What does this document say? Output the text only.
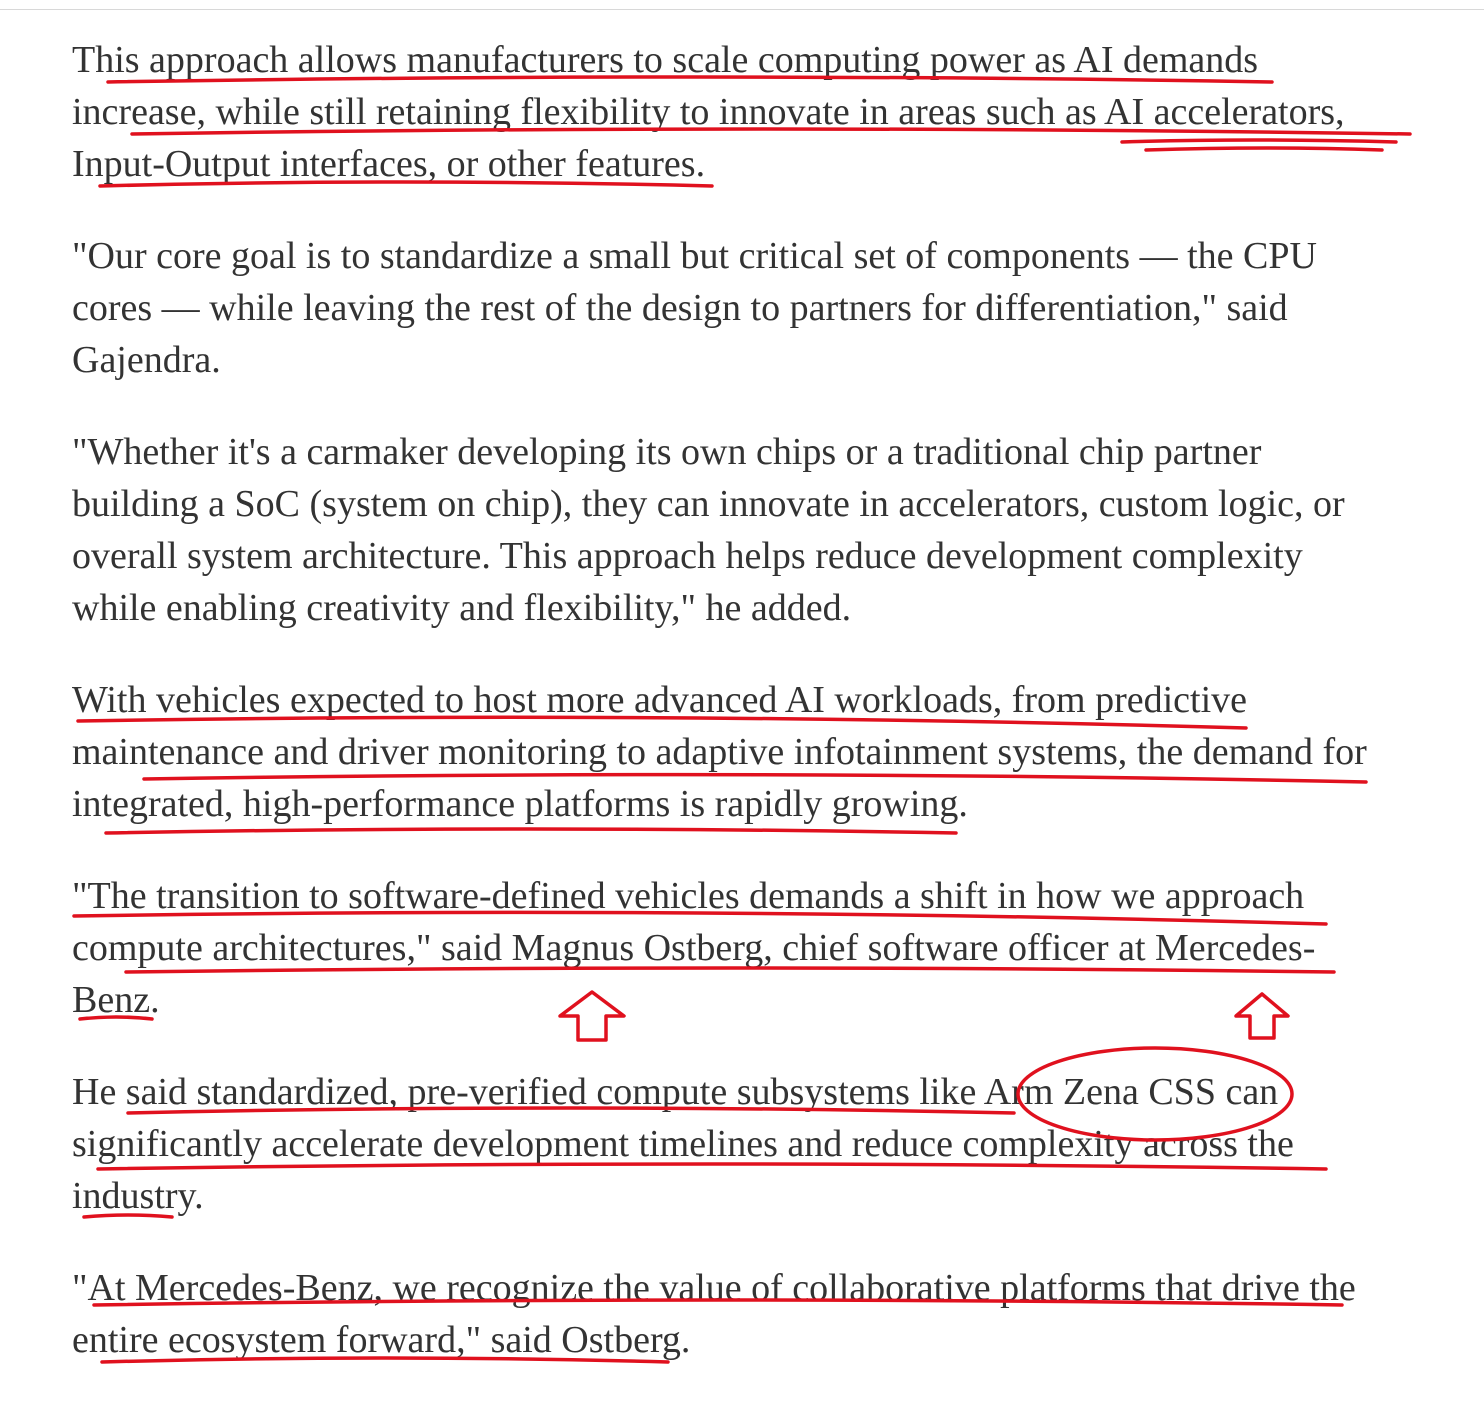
This approach allows manufacturers to scale computing power as AI demands
increase, while still retaining flexibility to innovate in areas such as AI accelerators,
Input-Output interfaces, or other features.

"Our core goal is to standardize a small but critical set of components — the CPU
cores — while leaving the rest of the design to partners for differentiation," said
Gajendra.

"Whether it's a carmaker developing its own chips or a traditional chip partner
building a SoC (system on chip), they can innovate in accelerators, custom logic, or
overall system architecture. This approach helps reduce development complexity
while enabling creativity and flexibility," he added.

With vehicles expected to host more advanced AI workloads, from predictive
maintenance and driver monitoring to adaptive infotainment systems, the demand for
integrated, high-performance platforms is rapidly growing.

"The transition to software-defined vehicles demands a shift in how we approach
compute architectures," said Magnus Ostberg, chief software officer at Mercedes-
Benz.

He said standardized, pre-verified compute subsystems like Arm Zena CSS can
significantly accelerate development timelines and reduce complexity across the
industry.

"At Mercedes-Benz, we recognize the value of collaborative platforms that drive the
entire ecosystem forward," said Ostberg.
